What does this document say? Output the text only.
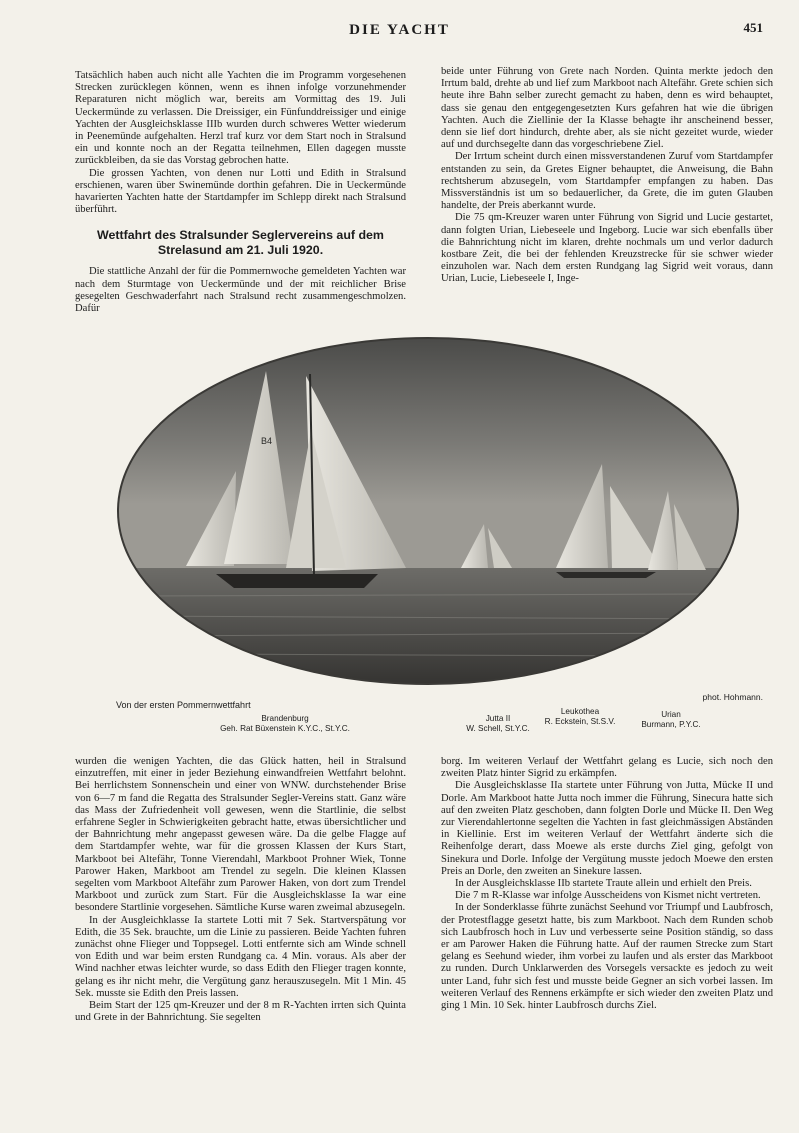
DIE YACHT	451

Tatsächlich haben auch nicht alle Yachten die im Programm vorgesehenen Strecken zurücklegen können, wenn es ihnen infolge vorzunehmender Reparaturen nicht möglich war, bereits am Vormittag des 19. Juli Ueckermünde zu verlassen. Die Dreissiger, ein Fünfunddreissiger und einige Yachten der Ausgleichsklasse IIIb wurden durch schweres Wetter wiederum in Peenemünde aufgehalten. Herzl traf kurz vor dem Start noch in Stralsund ein und konnte noch an der Regatta teilnehmen, Ellen dagegen musste zurückbleiben, da sie das Vorstag gebrochen hatte.

Die grossen Yachten, von denen nur Lotti und Edith in Stralsund erschienen, waren über Swinemünde dorthin gefahren. Die in Ueckermünde havarierten Yachten hatte der Startdampfer im Schlepp direkt nach Stralsund überführt.

Wettfahrt des Stralsunder Seglervereins auf dem Strelasund am 21. Juli 1920.

Die stattliche Anzahl der für die Pommernwoche gemeldeten Yachten war nach dem Sturmtage von Ueckermünde und der mit reichlicher Brise gesegelten Geschwaderfahrt nach Stralsund recht zusammengeschmolzen. Dafür

beide unter Führung von Grete nach Norden. Quinta merkte jedoch den Irrtum bald, drehte ab und lief zum Markboot nach Altefähr. Grete schien sich heute ihre Bahn selber zurecht gemacht zu haben, denn es wird behauptet, dass sie genau den entgegengesetzten Kurs gefahren hat wie die übrigen Yachten. Auch die Ziellinie der Ia Klasse behagte ihr anscheinend besser, denn sie lief dort hindurch, drehte aber, als sie nicht gezeitet wurde, wieder auf und durchsegelte dann das vorgeschriebene Ziel.

Der Irrtum scheint durch einen missverstandenen Zuruf vom Startdampfer entstanden zu sein, da Gretes Eigner behauptet, die Anweisung, die Bahn rechtsherum abzusegeln, vom Startdampfer empfangen zu haben. Das Missverständnis ist um so bedauerlicher, da Grete, die im guten Glauben handelte, der Preis aberkannt wurde.

Die 75 qm-Kreuzer waren unter Führung von Sigrid und Lucie gestartet, dann folgten Urian, Liebeseele und Ingeborg. Lucie war sich ebenfalls über die Bahnrichtung nicht im klaren, drehte nochmals um und verlor dadurch kostbare Zeit, die bei der fehlenden Kreuzstrecke für sie schwer wieder einzuholen war. Nach dem ersten Rundgang lag Sigrid weit voraus, dann Urian, Lucie, Liebeseele I, Inge-

B4
Von der ersten Pommernwettfahrt
phot. Hohmann.
Brandenburg
Geh. Rat Büxenstein K.Y.C., St.Y.C.
Jutta II
W. Schell, St.Y.C.
Leukothea
R. Eckstein, St.S.V.
Urian
Burmann, P.Y.C.

wurden die wenigen Yachten, die das Glück hatten, heil in Stralsund einzutreffen, mit einer in jeder Beziehung einwandfreien Wettfahrt belohnt. Bei herrlichstem Sonnenschein und einer von WNW. durchstehender Brise von 6—7 m fand die Regatta des Stralsunder Segler-Vereins statt. Ganz wäre das Mass der Zufriedenheit voll gewesen, wenn die Startlinie, die selbst erfahrene Segler in Schwierigkeiten gebracht hatte, etwas übersichtlicher und der Bahnrichtung mehr angepasst gewesen wäre. Da die gelbe Flagge auf dem Startdampfer wehte, war für die grossen Klassen der Kurs Start, Markboot bei Altefähr, Tonne Vierendahl, Markboot Prohner Wiek, Tonne Parower Haken, Markboot am Trendel zu segeln. Die kleinen Klassen segelten vom Markboot Altefähr zum Parower Haken, von dort zum Trendel Markboot und zurück zum Start. Für die Ausgleichsklasse Ia war eine besondere Startlinie vorgesehen. Sämtliche Kurse waren zweimal abzusegeln.

In der Ausgleichklasse Ia startete Lotti mit 7 Sek. Startverspätung vor Edith, die 35 Sek. brauchte, um die Linie zu passieren. Beide Yachten fuhren zunächst ohne Flieger und Toppsegel. Lotti entfernte sich am Winde schnell von Edith und war beim ersten Rundgang ca. 4 Min. voraus. Als aber der Wind nachher etwas leichter wurde, so dass Edith den Flieger tragen konnte, gelang es ihr nicht mehr, die Vergütung ganz herauszusegeln. Mit 1 Min. 45 Sek. musste sie Edith den Preis lassen.

Beim Start der 125 qm-Kreuzer und der 8 m R-Yachten irrten sich Quinta und Grete in der Bahnrichtung. Sie segelten

borg. Im weiteren Verlauf der Wettfahrt gelang es Lucie, sich noch den zweiten Platz hinter Sigrid zu erkämpfen.

Die Ausgleichsklasse IIa startete unter Führung von Jutta, Mücke II und Dorle. Am Markboot hatte Jutta noch immer die Führung, Sinecura hatte sich auf den zweiten Platz geschoben, dann folgten Dorle und Mücke II. Den Weg zur Vierendahlertonne segelten die Yachten in fast gleichmässigen Abständen in Kiellinie. Erst im weiteren Verlauf der Wettfahrt änderte sich die Reihenfolge derart, dass Moewe als erste durchs Ziel ging, gefolgt von Sinekura und Dorle. Infolge der Vergütung musste jedoch Moewe den ersten Preis an Dorle, den zweiten an Sinekure lassen.

In der Ausgleichsklasse IIb startete Traute allein und erhielt den Preis.

Die 7 m R-Klasse war infolge Ausscheidens von Kismet nicht vertreten.

In der Sonderklasse führte zunächst Seehund vor Triumpf und Laubfrosch, der Protestflagge gesetzt hatte, bis zum Markboot. Nach dem Runden schob sich Laubfrosch hoch in Luv und verbesserte seine Position ständig, so dass er am Parower Haken die Führung hatte. Auf der raumen Strecke zum Start gelang es Seehund wieder, ihm vorbei zu laufen und als erster das Markboot zu runden. Durch Unklarwerden des Vorsegels versackte es jedoch zu weit unter Land, fuhr sich fest und musste beide Gegner an sich vorbei lassen. Im weiteren Verlauf des Rennens erkämpfte er sich wieder den zweiten Platz und ging 1 Min. 10 Sek. hinter Laubfrosch durchs Ziel.
